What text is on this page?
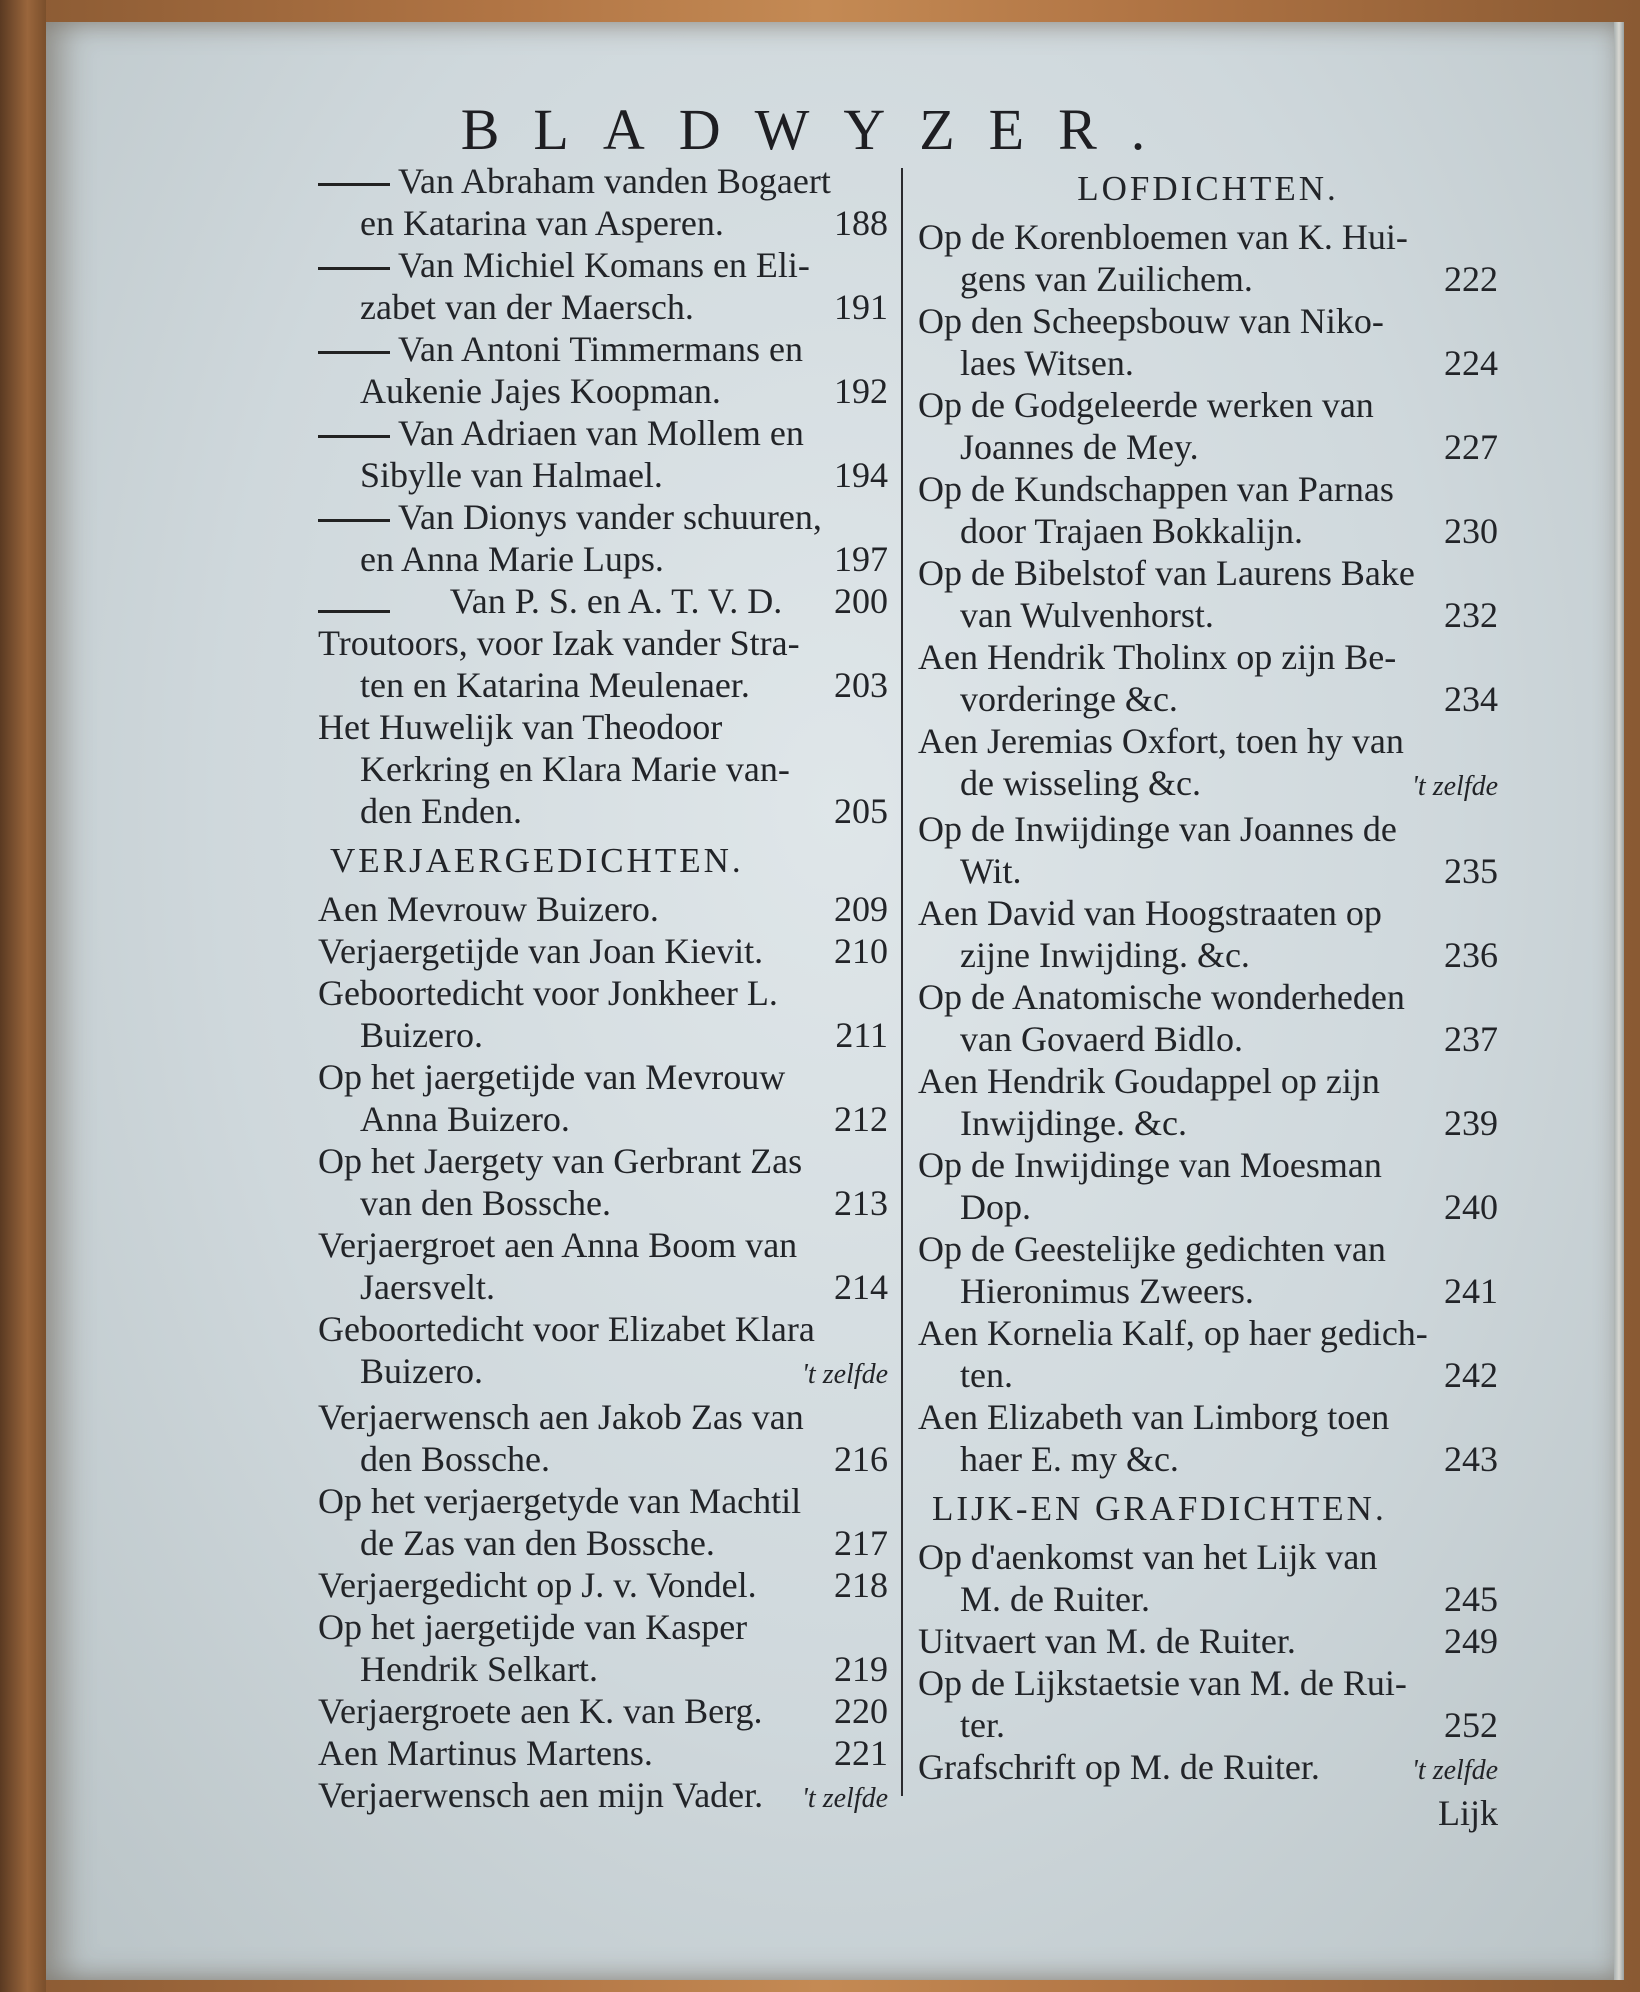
BLADWYZER.
Van Abraham vanden Bogaert
en Katarina van Asperen.	188
Van Michiel Komans en Eli-
zabet van der Maersch.	191
Van Antoni Timmermans en
Aukenie Jajes Koopman.	192
Van Adriaen van Mollem en
Sibylle van Halmael.	194
Van Dionys vander schuuren,
en Anna Marie Lups.	197
Van P. S. en A. T. V. D. 200
Troutoors, voor Izak vander Stra-
ten en Katarina Meulenaer. 203
Het Huwelijk van Theodoor
Kerkring en Klara Marie van-
den Enden.	205
VERJAERGEDICHTEN.
Aen Mevrouw Buizero.	209
Verjaergetijde van Joan Kievit. 210
Geboortedicht voor Jonkheer L.
Buizero.	211
Op het jaergetijde van Mevrouw
Anna Buizero.	212
Op het Jaergety van Gerbrant Zas
van den Bossche.	213
Verjaergroet aen Anna Boom van
Jaersvelt.	214
Geboortedicht voor Elizabet Klara
Buizero.	't zelfde
Verjaerwensch aen Jakob Zas van
den Bossche.	216
Op het verjaergetyde van Machtil
de Zas van den Bossche.	217
Verjaergedicht op J. v. Vondel. 218
Op het jaergetijde van Kasper
Hendrik Selkart.	219
Verjaergroete aen K. van Berg. 220
Aen Martinus Martens.	221
Verjaerwensch aen mijn Vader. 't zelfde
LOFDICHTEN.
Op de Korenbloemen van K. Hui-
gens van Zuilichem.	222
Op den Scheepsbouw van Niko-
laes Witsen.	224
Op de Godgeleerde werken van
Joannes de Mey.	227
Op de Kundschappen van Parnas
door Trajaen Bokkalijn.	230
Op de Bibelstof van Laurens Bake
van Wulvenhorst.	232
Aen Hendrik Tholinx op zijn Be-
vorderinge &c.	234
Aen Jeremias Oxfort, toen hy van
de wisseling &c.	't zelfde
Op de Inwijdinge van Joannes de
Wit.	235
Aen David van Hoogstraaten op
zijne Inwijding. &c.	236
Op de Anatomische wonderheden
van Govaerd Bidlo.	237
Aen Hendrik Goudappel op zijn
Inwijdinge. &c.	239
Op de Inwijdinge van Moesman
Dop.	240
Op de Geestelijke gedichten van
Hieronimus Zweers.	241
Aen Kornelia Kalf, op haer gedich-
ten.	242
Aen Elizabeth van Limborg toen
haer E. my &c.	243
LIJK-EN GRAFDICHTEN.
Op d'aenkomst van het Lijk van
M. de Ruiter.	245
Uitvaert van M. de Ruiter.	249
Op de Lijkstaetsie van M. de Rui-
ter.	252
Grafschrift op M. de Ruiter.	't zelfde
Lijk
